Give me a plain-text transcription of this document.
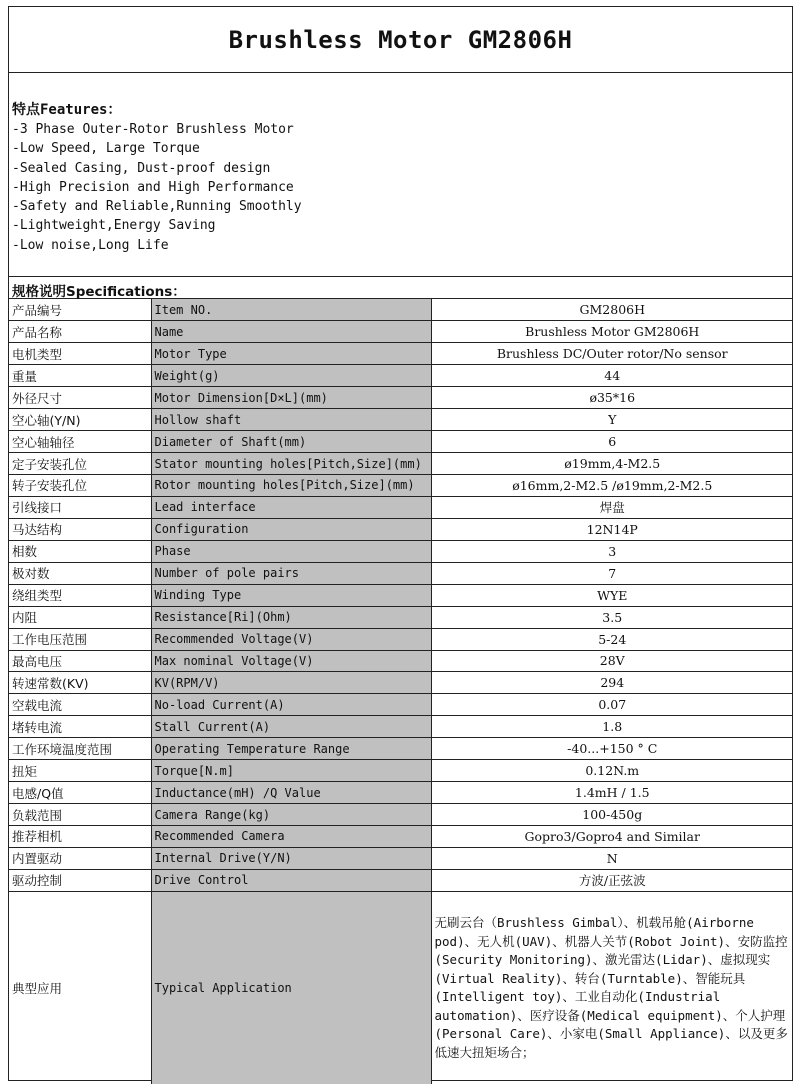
Brushless Motor GM2806H
特点Features：
-3 Phase Outer-Rotor Brushless Motor
-Low Speed, Large Torque
-Sealed Casing, Dust-proof design
-High Precision and High Performance
-Safety and Reliable,Running Smoothly
-Lightweight,Energy Saving
-Low noise,Long Life
规格说明Specifications：
产品编号	Item NO.	GM2806H
产品名称	Name	Brushless Motor GM2806H
电机类型	Motor Type	Brushless DC/Outer rotor/No sensor
重量	Weight(g)	44
外径尺寸	Motor Dimension[D×L](mm)	ø35*16
空心轴(Y/N)	Hollow shaft	Y
空心轴轴径	Diameter of Shaft(mm)	6
定子安装孔位	Stator mounting holes[Pitch,Size](mm)	ø19mm,4-M2.5
转子安装孔位	Rotor mounting holes[Pitch,Size](mm)	ø16mm,2-M2.5 /ø19mm,2-M2.5
引线接口	Lead interface	焊盘
马达结构	Configuration	12N14P
相数	Phase	3
极对数	Number of pole pairs	7
绕组类型	Winding Type	WYE
内阻	Resistance[Ri](Ohm)	3.5
工作电压范围	Recommended Voltage(V)	5-24
最高电压	Max nominal Voltage(V)	28V
转速常数(KV)	KV(RPM/V)	294
空载电流	No-load Current(A)	0.07
堵转电流	Stall Current(A)	1.8
工作环境温度范围	Operating Temperature Range	-40...+150 ° C
扭矩	Torque[N.m]	0.12N.m
电感/Q值	Inductance(mH) /Q Value	1.4mH / 1.5
负载范围	Camera Range(kg)	100-450g
推荐相机	Recommended Camera	Gopro3/Gopro4 and Similar
内置驱动	Internal Drive(Y/N)	N
驱动控制	Drive Control	方波/正弦波
典型应用	Typical Application	无刷云台（Brushless Gimbal）、机载吊舱(Airborne pod)、无人机(UAV)、机器人关节(Robot Joint)、安防监控(Security Monitoring)、激光雷达(Lidar)、虚拟现实(Virtual Reality)、转台(Turntable)、智能玩具(Intelligent toy)、工业自动化(Industrial automation)、医疗设备(Medical equipment)、个人护理(Personal Care)、小家电(Small Appliance)、以及更多低速大扭矩场合；
